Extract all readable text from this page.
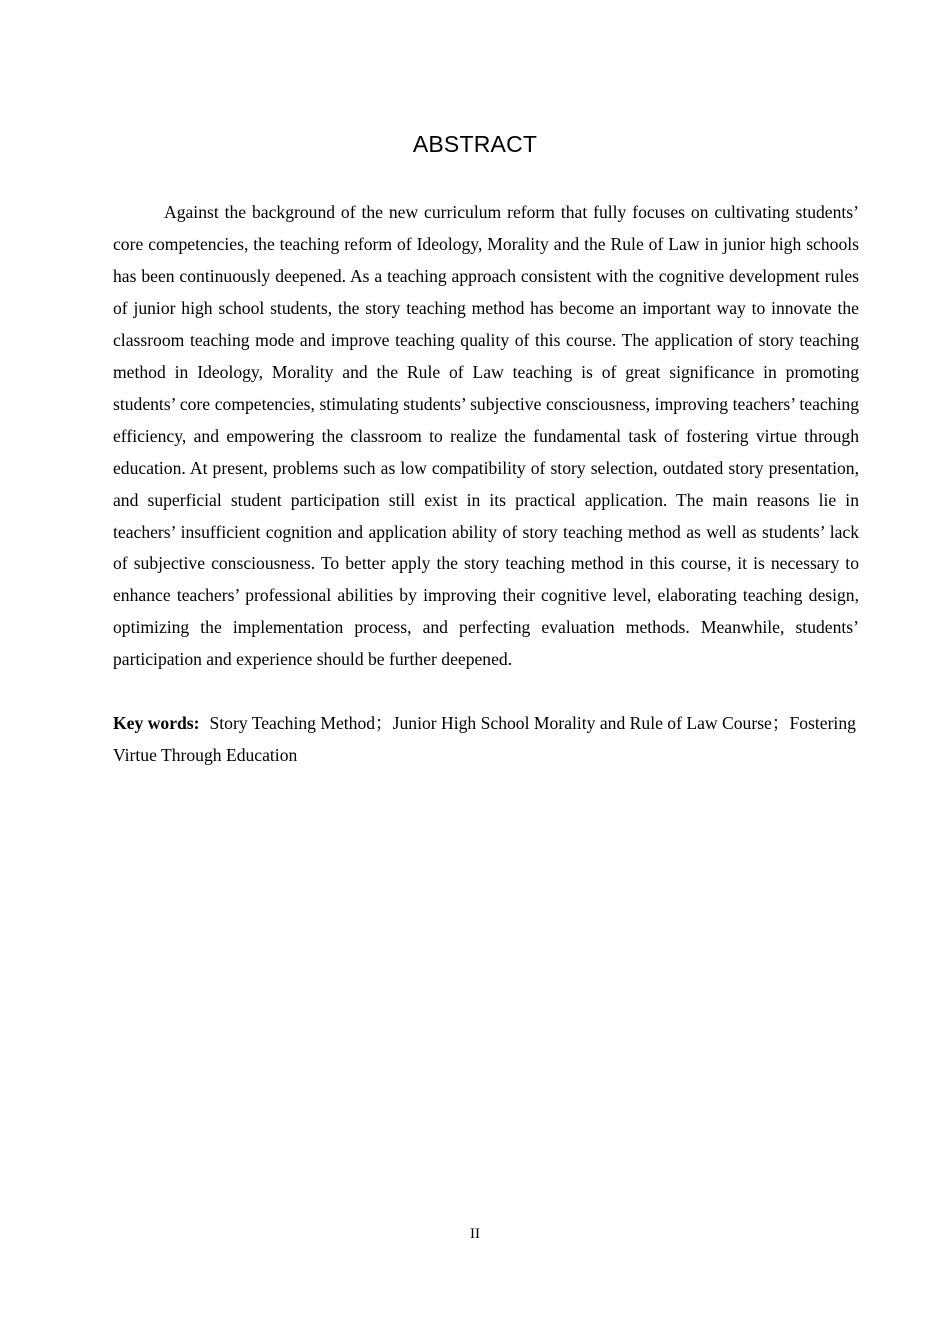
ABSTRACT

Against the background of the new curriculum reform that fully focuses on cultivating students’ core competencies, the teaching reform of Ideology, Morality and the Rule of Law in junior high schools has been continuously deepened. As a teaching approach consistent with the cognitive development rules of junior high school students, the story teaching method has become an important way to innovate the classroom teaching mode and improve teaching quality of this course. The application of story teaching method in Ideology, Morality and the Rule of Law teaching is of great significance in promoting students’ core competencies, stimulating students’ subjective consciousness, improving teachers’ teaching efficiency, and empowering the classroom to realize the fundamental task of fostering virtue through education. At present, problems such as low compatibility of story selection, outdated story presentation, and superficial student participation still exist in its practical application. The main reasons lie in teachers’ insufficient cognition and application ability of story teaching method as well as students’ lack of subjective consciousness. To better apply the story teaching method in this course, it is necessary to enhance teachers’ professional abilities by improving their cognitive level, elaborating teaching design, optimizing the implementation process, and perfecting evaluation methods. Meanwhile, students’ participation and experience should be further deepened.

Key words: Story Teaching Method；Junior High School Morality and Rule of Law Course；Fostering Virtue Through Education

II
